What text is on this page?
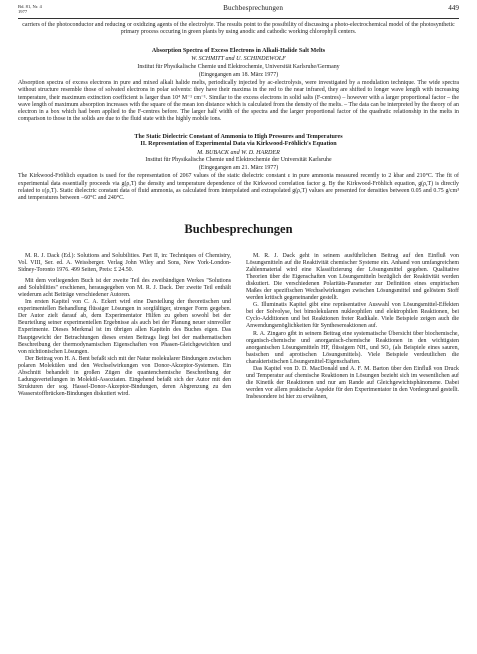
Bd. 81, Nr. 4
1977	Buchbesprechungen	449

carriers of the photoconductor and reducing or oxidizing agents of the electrolyte. The results point to the possibility of discussing a photo-electrochemical model of the photosynthetic primary process occuring in green plants by using anodic and cathodic working chlorophyll centers.

Absorption Spectra of Excess Electrons in Alkali-Halide Salt Melts

W. SCHMITT and U. SCHINDEWOLF

Institut für Physikalische Chemie und Elektrochemie, Universität Karlsruhe/Germany

(Eingegangen am 18. März 1977)

Absorption spectra of excess electrons in pure and mixed alkali halide melts, periodically injected by ac-electrolysis, were investigated by a modulation technique. The wide spectra without structure resemble those of solvated electrons in polar solvents: they have their maxima in the red to the near infrared, they are shifted to longer wave length with increasing temperature, their maximum extinction coefficient is larger than 10⁴ M⁻¹ cm⁻¹. Similar to the excess electrons in solid salts (F-centres) – however with a larger proportional factor – the wave length of maximum absorption increases with the square of the mean ion distance which is calculated from the density of the melts. – The data can be interpreted by the theory of an electron in a box which had been applied to the F-centres before. The larger half width of the spectra and the larger proportional factor of the quadratic relationship in the melts in comparison to those in the solids are due to the fluid state with the highly mobile ions.

The Static Dielectric Constant of Ammonia to High Pressures and Temperatures

II. Representation of Experimental Data via Kirkwood-Fröhlich's Equation

M. BUBACK and W. D. HARDER

Institut für Physikalische Chemie und Elektrochemie der Universität Karlsruhe

(Eingegangen am 21. März 1977)

The Kirkwood-Fröhlich equation is used for the representation of 2067 values of the static dielectric constant ε in pure ammonia measured recently to 2 kbar and 210°C. The fit of experimental data essentially proceeds via g(ρ,T) the density and temperature dependence of the Kirkwood correlation factor g. By the Kirkwood-Fröhlich equation, g(ρ,T) is directly related to ε(ρ,T). Static dielectric constant data of fluid ammonia, as calculated from interpolated and extrapolated g(ρ,T) values are presented for densities between 0.05 and 0.75 g/cm³ and temperatures between −60°C and 240°C.

Buchbesprechungen

M. R. J. Dack (Ed.): Solutions and Solubilities. Part II, in: Techniques of Chemistry, Vol. VIII, Ser. ed. A. Weissberger. Verlag John Wiley and Sons, New York-London-Sidney-Toronto 1976. 499 Seiten, Preis: £ 24.50.

Mit dem vorliegenden Buch ist der zweite Teil des zweibändigen Werkes "Solutions and Solubilities" erschienen, herausgegeben von M. R. J. Dack. Der zweite Teil enthält wiederum acht Beiträge verschiedener Autoren.

Im ersten Kapitel von C. A. Eckert wird eine Darstellung der theoretischen und experimentellen Behandlung flüssiger Lösungen in sorgfältiger, strenger Form gegeben. Der Autor zielt darauf ab, dem Experimentator Hilfen zu geben sowohl bei der Beurteilung seiner experimentellen Ergebnisse als auch bei der Planung neuer sinnvoller Experimente. Dieses Merkmal ist im übrigen allen Kapiteln des Buches eigen. Das Hauptgewicht der Betrachtungen dieses ersten Beitrags liegt bei der mathematischen Beschreibung der thermodynamischen Eigenschaften von Phasen-Gleichgewichten und von nichtionischen Lösungen.

Der Beitrag von H. A. Bent befaßt sich mit der Natur molekularer Bindungen zwischen polaren Molekülen und den Wechselwirkungen von Donor-Akzeptor-Systemen. Ein Abschnitt behandelt in großen Zügen die quantenchemische Beschreibung der Ladungsverteilungen in Molekül-Assoziaten. Eingehend befaßt sich der Autor mit den Strukturen der sog. Hassel-Donor-Akzeptor-Bindungen, deren Abgrenzung zu den Wasserstoffbrücken-Bindungen diskutiert wird.

M. R. J. Dack geht in seinem ausführlichen Beitrag auf den Einfluß von Lösungsmitteln auf die Reaktivität chemischer Systeme ein. Anhand von umfangreichem Zahlenmaterial wird eine Klassifizierung der Lösungsmittel gegeben. Qualitative Theorien über die Eigenschaften von Lösungsmitteln bezüglich der Reaktivität werden diskutiert. Die verschiedenen Polaritäts-Parameter zur Definition eines empirischen Maßes der spezifischen Wechselwirkungen zwischen Lösungsmittel und gelöstem Stoff werden kritisch gegeneinander gestellt.

G. Illuminatis Kapitel gibt eine repräsentative Auswahl von Lösungsmittel-Effekten bei der Solvolyse, bei bimolekularen nukleophilen und elektrophilen Reaktionen, bei Cyclo-Additionen und bei Reaktionen freier Radikale. Viele Beispiele zeigen auch die Anwendungsmöglichkeiten für Synthesereaktionen auf.

R. A. Zingaro gibt in seinem Beitrag eine systematische Übersicht über biochemische, organisch-chemische und anorganisch-chemische Reaktionen in den wichtigsten anorganischen Lösungsmitteln HF, flüssigem NH₃ und SO₂ (als Beispiele eines sauren, basischen und aprotischen Lösungsmittels). Viele Beispiele verdeutlichen die charakteristischen Lösungsmittel-Eigenschaften.

Das Kapitel von D. D. MacDonald und A. F. M. Barton über den Einfluß von Druck und Temperatur auf chemische Reaktionen in Lösungen bezieht sich im wesentlichen auf die Kinetik der Reaktionen und nur am Rande auf Gleichgewichtsphänomene. Dabei werden vor allem praktische Aspekte für den Experimentator in den Vordergrund gestellt. Insbesondere ist hier zu erwähnen,
